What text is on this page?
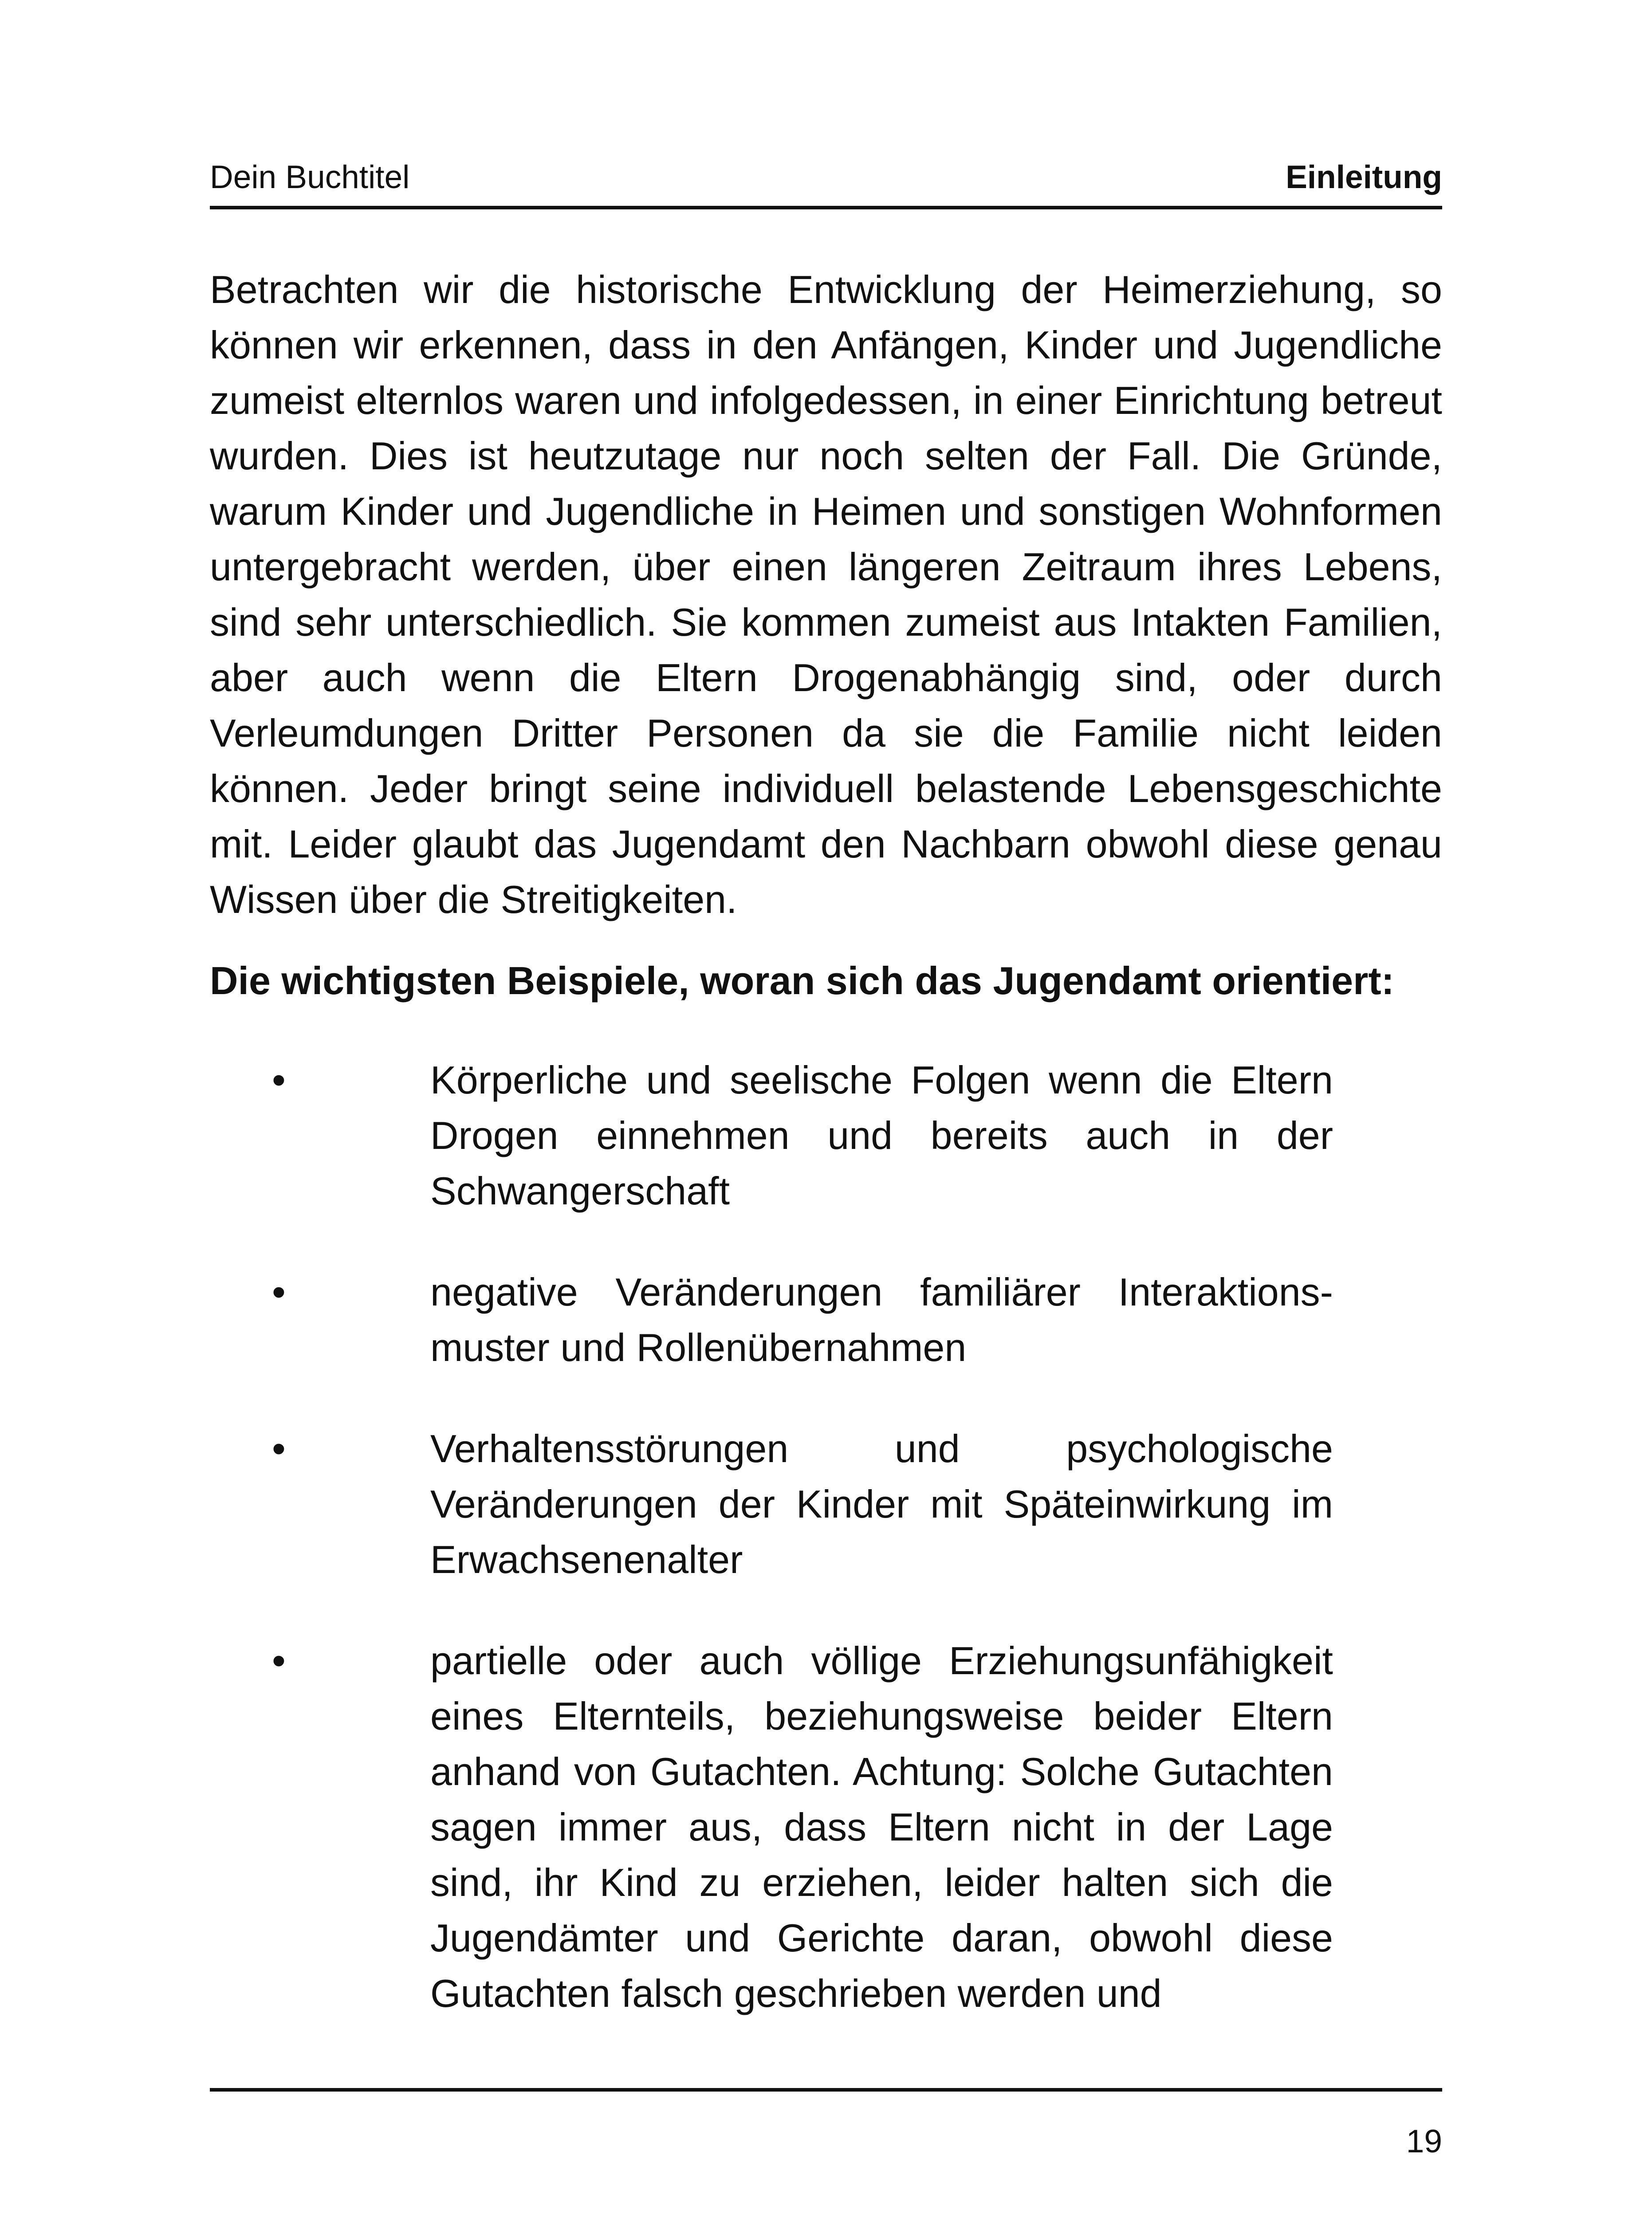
Dein Buchtitel	Einleitung

Betrachten wir die historische Entwicklung der Heimerziehung, so können wir erkennen, dass in den Anfängen, Kinder und Jugendliche zumeist elternlos waren und infolgedessen, in einer Einrichtung betreut wurden. Dies ist heutzutage nur noch selten der Fall. Die Gründe, warum Kinder und Jugendliche in Heimen und sonstigen Wohnformen untergebracht werden, über einen längeren Zeitraum ihres Lebens, sind sehr unterschiedlich. Sie kommen zumeist aus Intakten Familien, aber auch wenn die Eltern Drogenabhängig sind, oder durch Verleumdungen Dritter Personen da sie die Familie nicht leiden können. Jeder bringt seine individuell belastende Lebensgeschichte mit. Leider glaubt das Jugendamt den Nachbarn obwohl diese genau Wissen über die Streitigkeiten.

Die wichtigsten Beispiele, woran sich das Jugendamt orientiert:
•	Körperliche und seelische Folgen wenn die Eltern Drogen einnehmen und bereits auch in der Schwangerschaft
•	negative Veränderungen familiärer Interaktions-muster und Rollenübernahmen
•	Verhaltensstörungen und psychologische Veränderungen der Kinder mit Späteinwirkung im Erwachsenenalter
•	partielle oder auch völlige Erziehungsunfähigkeit eines Elternteils, beziehungsweise beider Eltern anhand von Gutachten. Achtung: Solche Gutachten sagen immer aus, dass Eltern nicht in der Lage sind, ihr Kind zu erziehen, leider halten sich die Jugendämter und Gerichte daran, obwohl diese Gutachten falsch geschrieben werden und
19
